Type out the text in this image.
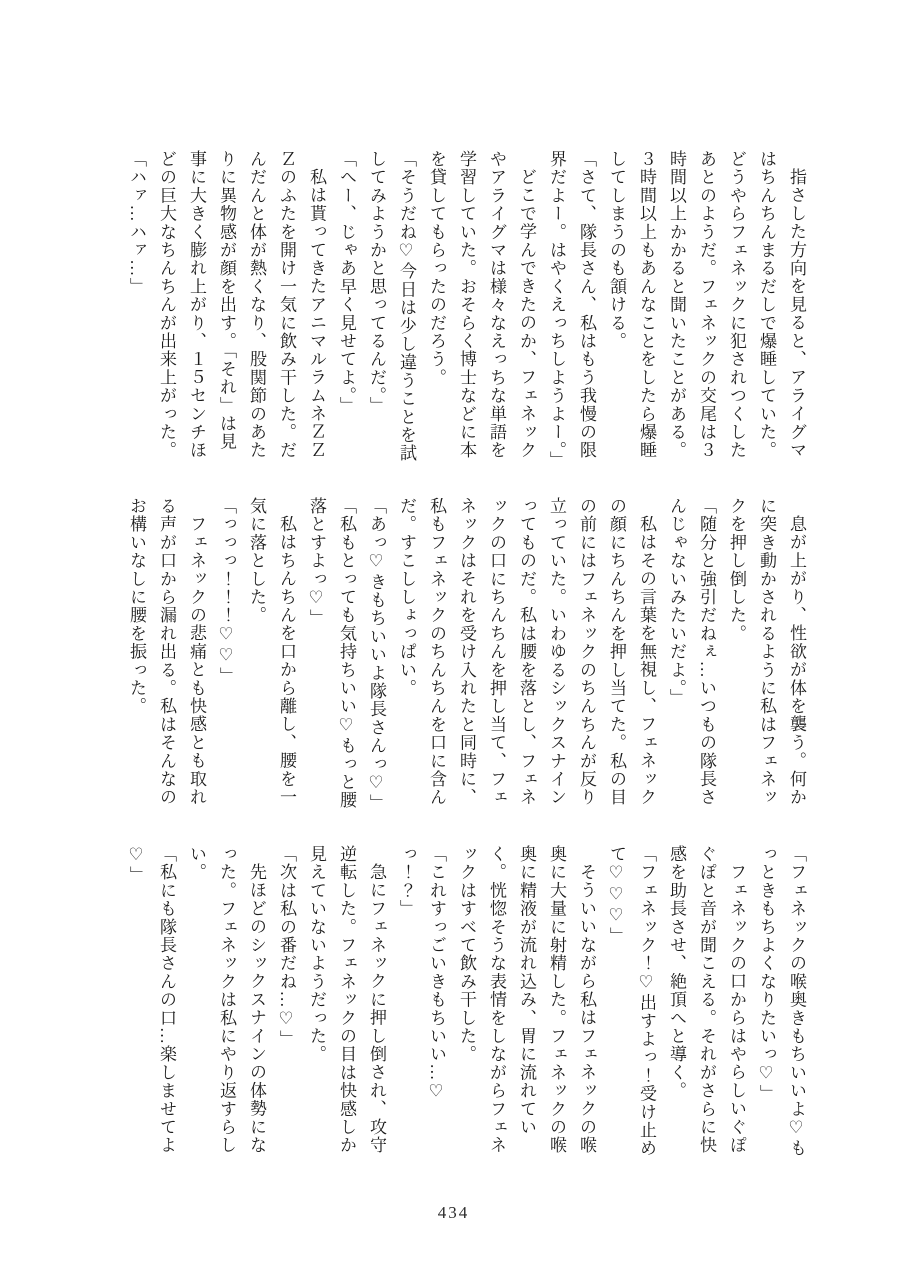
指さした方向を見ると、アライグマはちんちんまるだしで爆睡していた。どうやらフェネックに犯されつくしたあとのようだ。フェネックの交尾は３時間以上かかると聞いたことがある。３時間以上もあんなことをしたら爆睡してしまうのも頷ける。

「さて、隊長さん、私はもう我慢の限界だよー。はやくえっちしようよー。」

どこで学んできたのか、フェネックやアライグマは様々なえっちな単語を学習していた。おそらく博士などに本を貸してもらったのだろう。

「そうだね♡今日は少し違うことを試してみようかと思ってるんだ。」

「へー、じゃあ早く見せてよ。」

私は貰ってきたアニマルラムネＺＺＺのふたを開け一気に飲み干した。だんだんと体が熱くなり、股関節のあたりに異物感が顔を出す。「それ」は見事に大きく膨れ上がり、１５センチほどの巨大なちんちんが出来上がった。

「ハァ…ハァ…」

息が上がり、性欲が体を襲う。何かに突き動かされるように私はフェネックを押し倒した。

「随分と強引だねぇ…いつもの隊長さんじゃないみたいだよ。」

私はその言葉を無視し、フェネックの顔にちんちんを押し当てた。私の目の前にはフェネックのちんちんが反り立っていた。いわゆるシックスナインってものだ。私は腰を落とし、フェネックの口にちんちんを押し当て、フェネックはそれを受け入れたと同時に、私もフェネックのちんちんを口に含んだ。すこししょっぱい。

「あっ♡きもちいいよ隊長さんっ♡」

「私もとっても気持ちいい♡もっと腰落とすよっ♡」

私はちんちんを口から離し、腰を一気に落とした。

「っっっ！！！♡♡」

フェネックの悲痛とも快感とも取れる声が口から漏れ出る。私はそんなのお構いなしに腰を振った。

「フェネックの喉奥きもちいいよ♡もっときもちよくなりたいっ♡」

フェネックの口からはやらしいぐぽぐぽと音が聞こえる。それがさらに快感を助長させ、絶頂へと導く。

「フェネック！♡出すよっ！受け止めて♡♡♡」

そういいながら私はフェネックの喉奥に大量に射精した。フェネックの喉奥に精液が流れ込み、胃に流れていく。恍惚そうな表情をしながらフェネックはすべて飲み干した。

「これすっごいきもちいい…♡っ！？」

急にフェネックに押し倒され、攻守逆転した。フェネックの目は快感しか見えていないようだった。

「次は私の番だね…♡」

先ほどのシックスナインの体勢になった。フェネックは私にやり返すらしい。

「私にも隊長さんの口…楽しませてよ♡」

434
